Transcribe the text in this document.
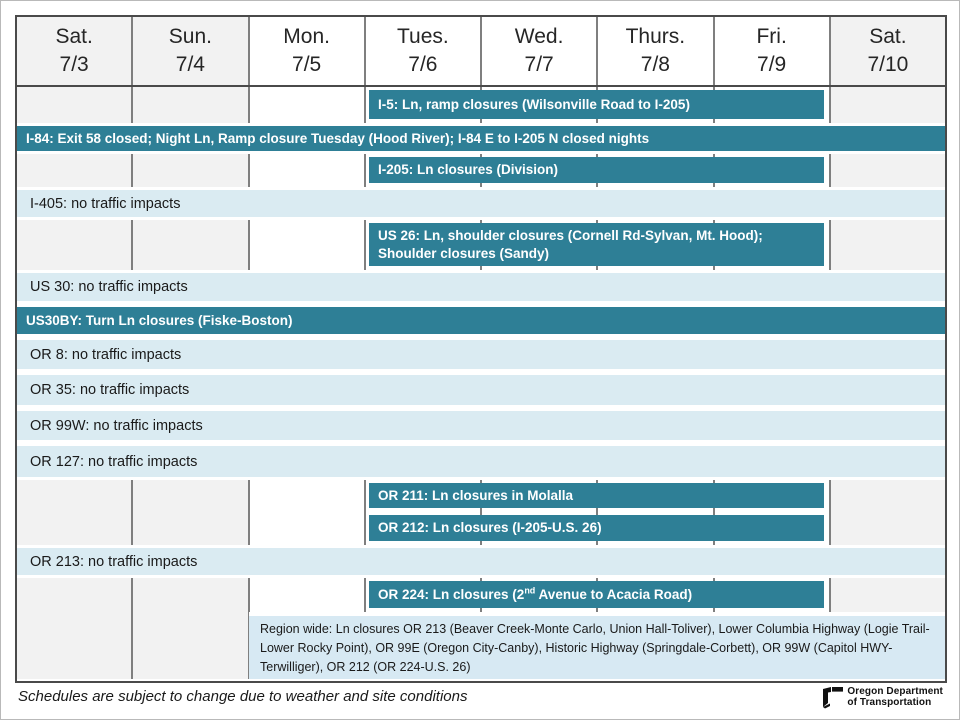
Sat.
7/3
Sun.
7/4
Mon.
7/5
Tues.
7/6
Wed.
7/7
Thurs.
7/8
Fri.
7/9
Sat.
7/10
I-5: Ln, ramp closures (Wilsonville Road to I-205)
I-84: Exit 58 closed; Night Ln, Ramp closure Tuesday (Hood River); I-84 E to I-205 N closed nights
I-205: Ln closures (Division)
I-405: no traffic impacts
US 26: Ln, shoulder closures (Cornell Rd-Sylvan, Mt. Hood); Shoulder closures (Sandy)
US 30: no traffic impacts
US30BY: Turn Ln closures (Fiske-Boston)
OR 8: no traffic impacts
OR 35: no traffic impacts
OR 99W: no traffic impacts
OR 127: no traffic impacts
OR 211: Ln closures in Molalla
OR 212: Ln closures (I-205-U.S. 26)
OR 213: no traffic impacts
OR 224: Ln closures (2nd Avenue to Acacia Road)
Region wide: Ln closures OR 213 (Beaver Creek-Monte Carlo, Union Hall-Toliver), Lower Columbia Highway (Logie Trail-Lower Rocky Point), OR 99E (Oregon City-Canby), Historic Highway (Springdale-Corbett), OR 99W (Capitol HWY-Terwilliger), OR 212 (OR 224-U.S. 26)
Schedules are subject to change due to weather and site conditions	Oregon Department
of Transportation
